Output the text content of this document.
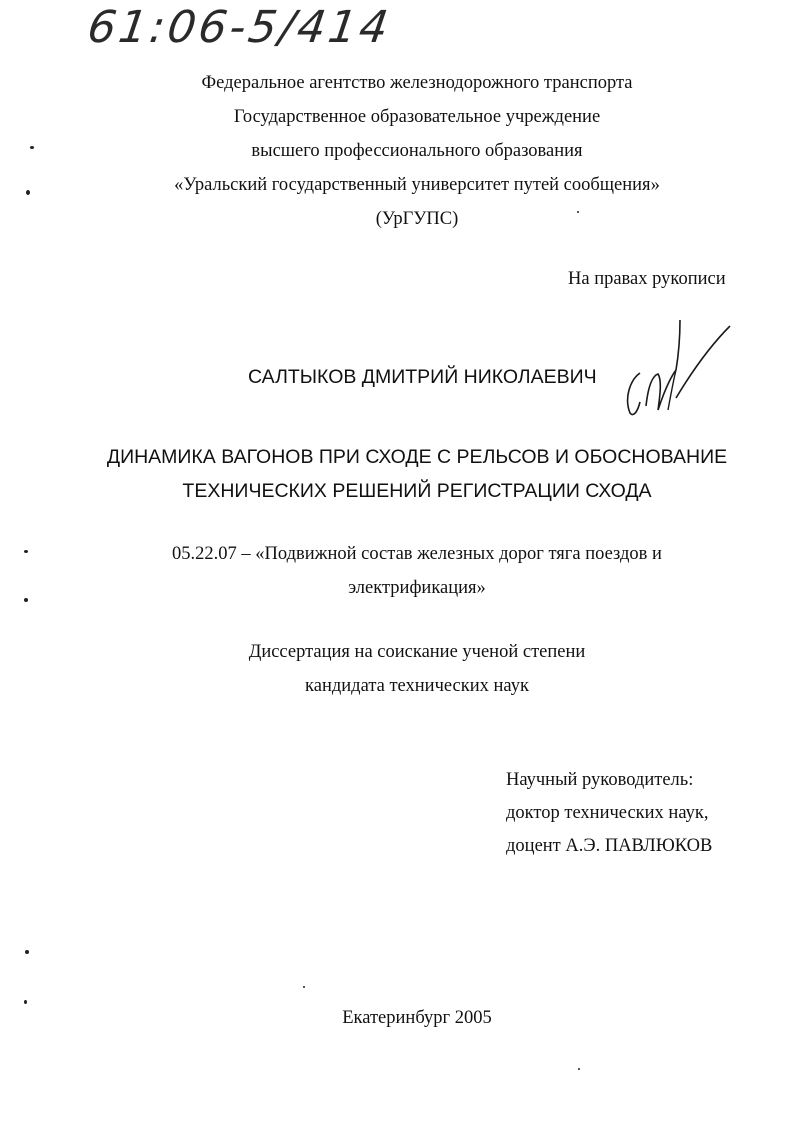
61:06-5/414
Федеральное агентство железнодорожного транспорта
Государственное образовательное учреждение
высшего профессионального образования
«Уральский государственный университет путей сообщения»
(УрГУПС)
На правах рукописи
САЛТЫКОВ ДМИТРИЙ НИКОЛАЕВИЧ
ДИНАМИКА ВАГОНОВ ПРИ СХОДЕ С РЕЛЬСОВ И ОБОСНОВАНИЕ
ТЕХНИЧЕСКИХ РЕШЕНИЙ РЕГИСТРАЦИИ СХОДА
05.22.07 – «Подвижной состав железных дорог тяга поездов и
электрификация»
Диссертация на соискание ученой степени
кандидата технических наук
Научный руководитель:
доктор технических наук,
доцент А.Э. ПАВЛЮКОВ
Екатеринбург 2005
